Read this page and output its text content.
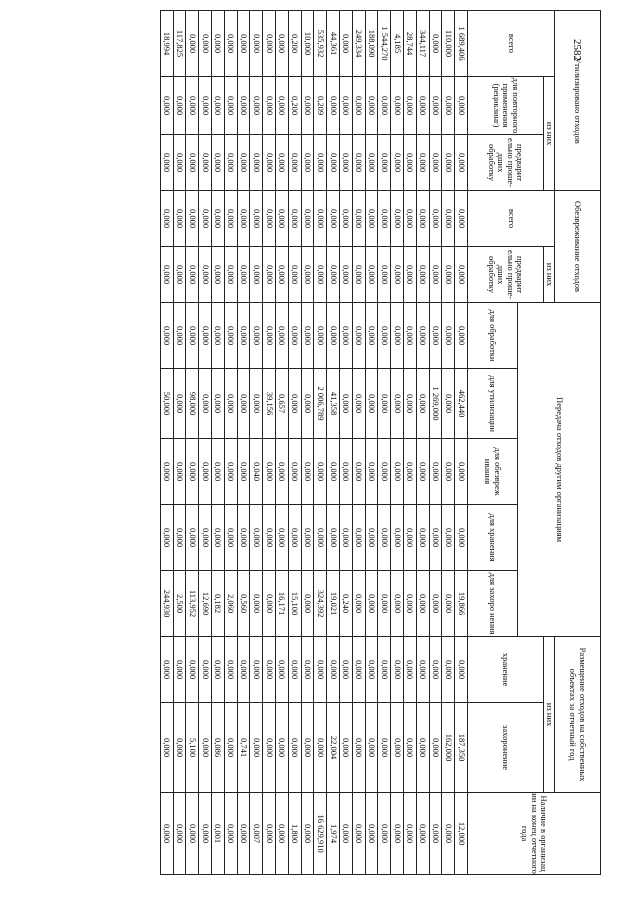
2582
Утилизировано отходов			Обезвреживание отходов		Передача отходов другим организациям					Размещение отходов на собственных объектах за отчетный год		Наличие в организац ии на конец отчетного года
всего	из них		всего	из них						из них		
	для повторного применения (рециклинг)	предварит ельно проше- дших обработку		предварит ельно проше- дших обработку						хранение	захоронение	
					для обработки	для утилизации	для обезвреж ивания	для хранения	для захоро нения			
1 689,406	0,000	0,000	0,000	0,000	0,000	462,440	0,000	0,000	19,866	0,000	187,350	12,000
110,000	0,000	0,000	0,000	0,000	0,000	0,000	0,000	0,000	0,000	0,000	162,000	0,000
0,000	0,000	0,000	0,000	0,000	0,000	1 269,000	0,000	0,000	0,000	0,000	0,000	0,000
344,117	0,000	0,000	0,000	0,000	0,000	0,000	0,000	0,000	0,000	0,000	0,000	0,000
28,744	0,000	0,000	0,000	0,000	0,000	0,000	0,000	0,000	0,000	0,000	0,000	0,000
4,185	0,000	0,000	0,000	0,000	0,000	0,000	0,000	0,000	0,000	0,000	0,000	0,000
1 544,270	0,000	0,000	0,000	0,000	0,000	0,000	0,000	0,000	0,000	0,000	0,000	0,000
188,090	0,000	0,000	0,000	0,000	0,000	0,000	0,000	0,000	0,000	0,000	0,000	0,000
249,334	0,000	0,000	0,000	0,000	0,000	0,000	0,000	0,000	0,000	0,000	0,000	0,000
0,000	0,000	0,000	0,000	0,000	0,000	0,000	0,000	0,000	0,240	0,000	0,000	0,000
44,361	0,000	0,000	0,000	0,000	0,000	41,358	0,000	0,000	19,021	0,000	22,004	1,974
535,932	0,209	0,000	0,000	0,000	0,000	2 006,789	0,000	0,000	324,392	0,000	0,000	16 629,910
10,000	0,000	0,000	0,000	0,000	0,000	0,000	0,000	0,000	0,000	0,000	0,000	0,000
0,200	0,200	0,000	0,000	0,000	0,000	0,000	0,000	0,000	15,100	0,000	0,000	1,800
0,000	0,000	0,000	0,000	0,000	0,000	0,657	0,000	0,000	16,171	0,000	0,000	0,000
0,000	0,000	0,000	0,000	0,000	0,000	39,156	0,000	0,000	0,000	0,000	0,000	0,000
0,000	0,000	0,000	0,000	0,000	0,000	0,000	0,040	0,000	0,000	0,000	0,000	0,007
0,000	0,000	0,000	0,000	0,000	0,000	0,000	0,000	0,000	0,560	0,000	0,741	0,000
0,000	0,000	0,000	0,000	0,000	0,000	0,000	0,000	0,000	2,060	0,000	0,000	0,000
0,000	0,000	0,000	0,000	0,000	0,000	0,000	0,000	0,000	0,182	0,000	0,086	0,001
0,000	0,000	0,000	0,000	0,000	0,000	0,000	0,000	0,000	12,690	0,000	0,000	0,000
0,000	0,000	0,000	0,000	0,000	0,000	98,000	0,000	0,000	113,952	0,000	5,100	0,000
117,825	0,000	0,000	0,000	0,000	0,000	0,000	0,000	0,000	2,500	0,000	0,000	0,000
18,994	0,000	0,000	0,000	0,000	0,000	50,000	0,000	0,000	244,930	0,000	0,000	0,000
